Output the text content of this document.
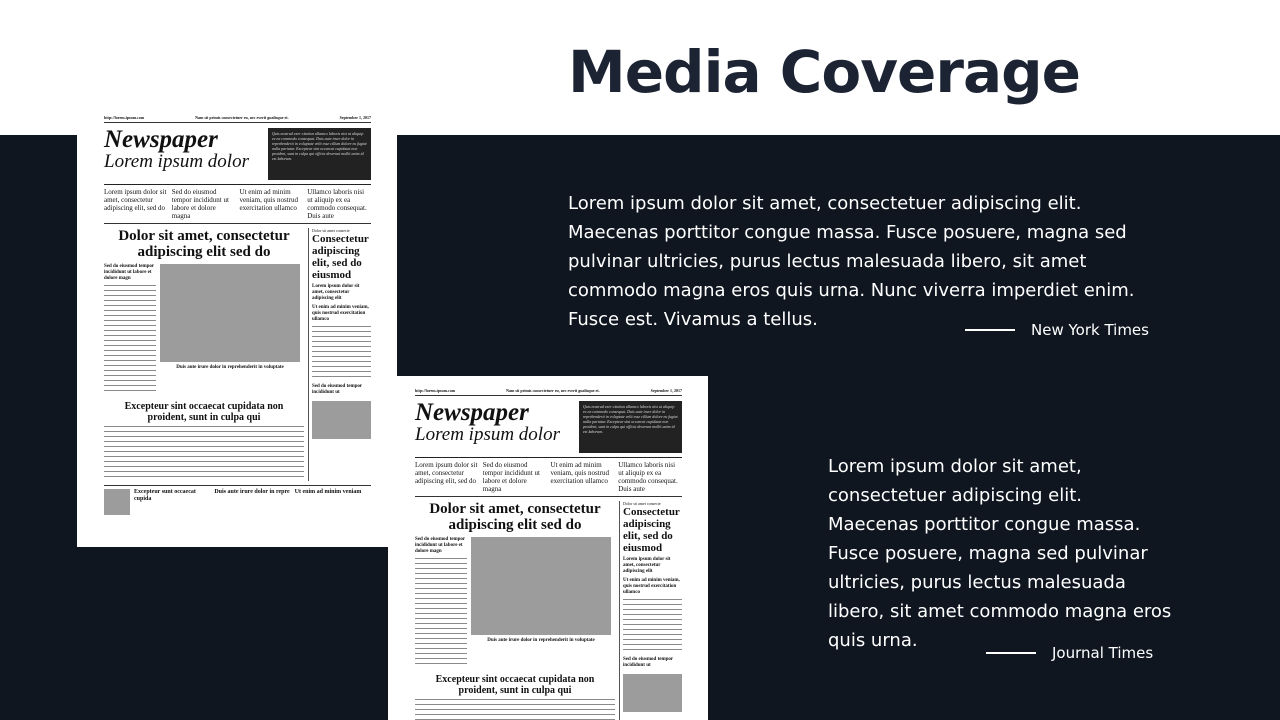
Media Coverage
http://lorem.ipsum.com	Nam sit primis consectetuer eu, nec everti gualisque et.	September 1, 2017
Newspaper
Lorem ipsum dolor
Quis nostrud exer citation ullamco laboris nisi ut aliquip ex ea commodo consequat. Duis aute irure dolor in reprehenderit in voluptate velit esse cillum dolore eu fugiat nulla pariatur. Excepteur sint occaecat cupidatat non proident, sunt in culpa qui officia deserunt mollit anim id est laborum.
Lorem ipsum dolor sit amet, consectetur adipiscing elit, sed do
Sed do eiusmod tempor incididunt ut labore et dolore magna
Ut enim ad minim veniam, quis nostrud exercitation ullamco
Ullamco laboris nisi ut aliquip ex ea commodo consequat. Duis aute
Dolor sit amet, consectetur adipiscing elit sed do
Sed do eiusmod tempor incididunt ut labore et dolore magn
Duis aute irure dolor in reprehenderit in voluptate
Excepteur sint occaecat cupidata non proident, sunt in culpa qui
Dolor sit amet consecte
Consectetur adipiscing elit, sed do eiusmod
Lorem ipsum dolor sit amet, consectetur adipiscing elit
Ut enim ad minim veniam, quis nostrud exercitation ullamco
Sed do eiusmod tempor incididunt ut
Excepteur sunt occaecat cupida
Duis aute irure dolor in repre Ut enim ad minim veniam
http://lorem.ipsum.com	Nam sit primis consectetuer eu, nec everti gualisque et.	September 1, 2017
Newspaper
Lorem ipsum dolor
Quis nostrud exer citation ullamco laboris nisi ut aliquip ex ea commodo consequat. Duis aute irure dolor in reprehenderit in voluptate velit esse cillum dolore eu fugiat nulla pariatur. Excepteur sint occaecat cupidatat non proident, sunt in culpa qui officia deserunt mollit anim id est laborum.
Lorem ipsum dolor sit amet, consectetur adipiscing elit, sed do
Sed do eiusmod tempor incididunt ut labore et dolore magna
Ut enim ad minim veniam, quis nostrud exercitation ullamco
Ullamco laboris nisi ut aliquip ex ea commodo consequat. Duis aute
Dolor sit amet, consectetur adipiscing elit sed do
Sed do eiusmod tempor incididunt ut labore et dolore magn
Duis aute irure dolor in reprehenderit in voluptate
Excepteur sint occaecat cupidata non proident, sunt in culpa qui
Dolor sit amet consecte
Consectetur adipiscing elit, sed do eiusmod
Lorem ipsum dolor sit amet, consectetur adipiscing elit
Ut enim ad minim veniam, quis nostrud exercitation ullamco
Sed do eiusmod tempor incididunt ut

Lorem ipsum dolor sit amet, consectetuer adipiscing elit. Maecenas porttitor congue massa. Fusce posuere, magna sed pulvinar ultricies, purus lectus malesuada libero, sit amet commodo magna eros quis urna. Nunc viverra imperdiet enim. Fusce est. Vivamus a tellus.	New York Times

Lorem ipsum dolor sit amet, consectetuer adipiscing elit. Maecenas porttitor congue massa. Fusce posuere, magna sed pulvinar ultricies, purus lectus malesuada libero, sit amet commodo magna eros quis urna.

Journal Times
